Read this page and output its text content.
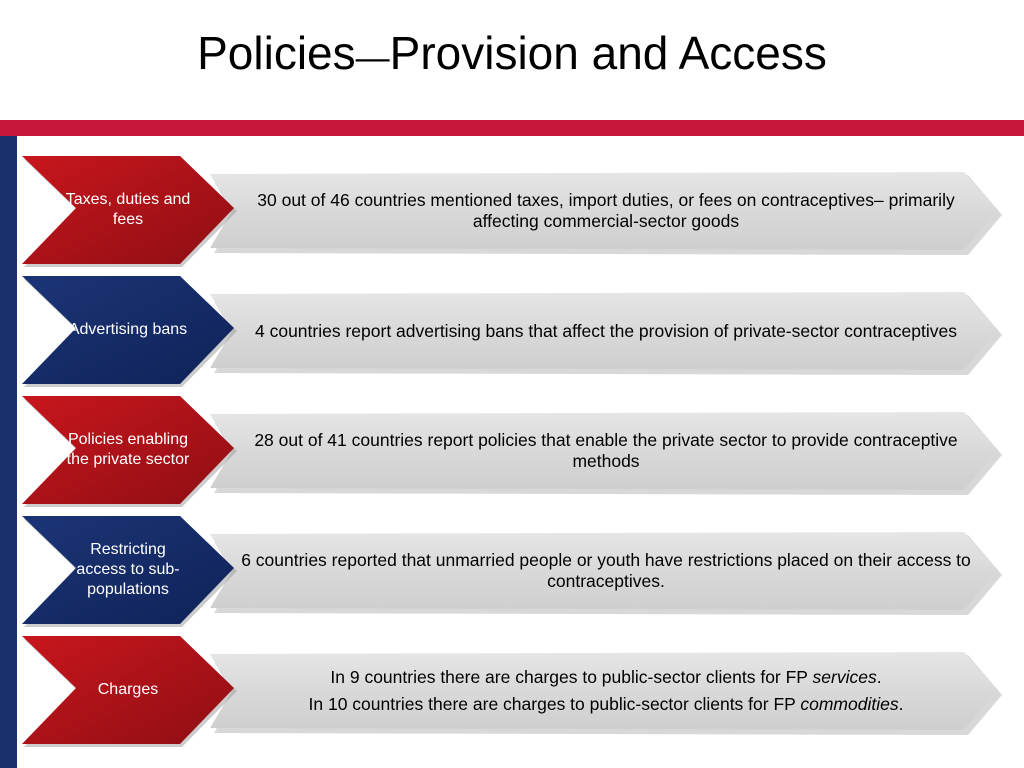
Policies—Provision and Access
Taxes, duties and fees

30 out of 46 countries mentioned taxes, import duties, or fees on contraceptives– primarily affecting commercial-sector goods

Advertising bans	4 countries report advertising bans that affect the provision of private-sector contraceptives

Policies enabling the private sector

28 out of 41 countries report policies that enable the private sector to provide contraceptive methods

Restricting access to sub-populations

6 countries reported that unmarried people or youth have restrictions placed on their access to contraceptives.

Charges

In 9 countries there are charges to public-sector clients for FP services.

In 10 countries there are charges to public-sector clients for FP commodities.
